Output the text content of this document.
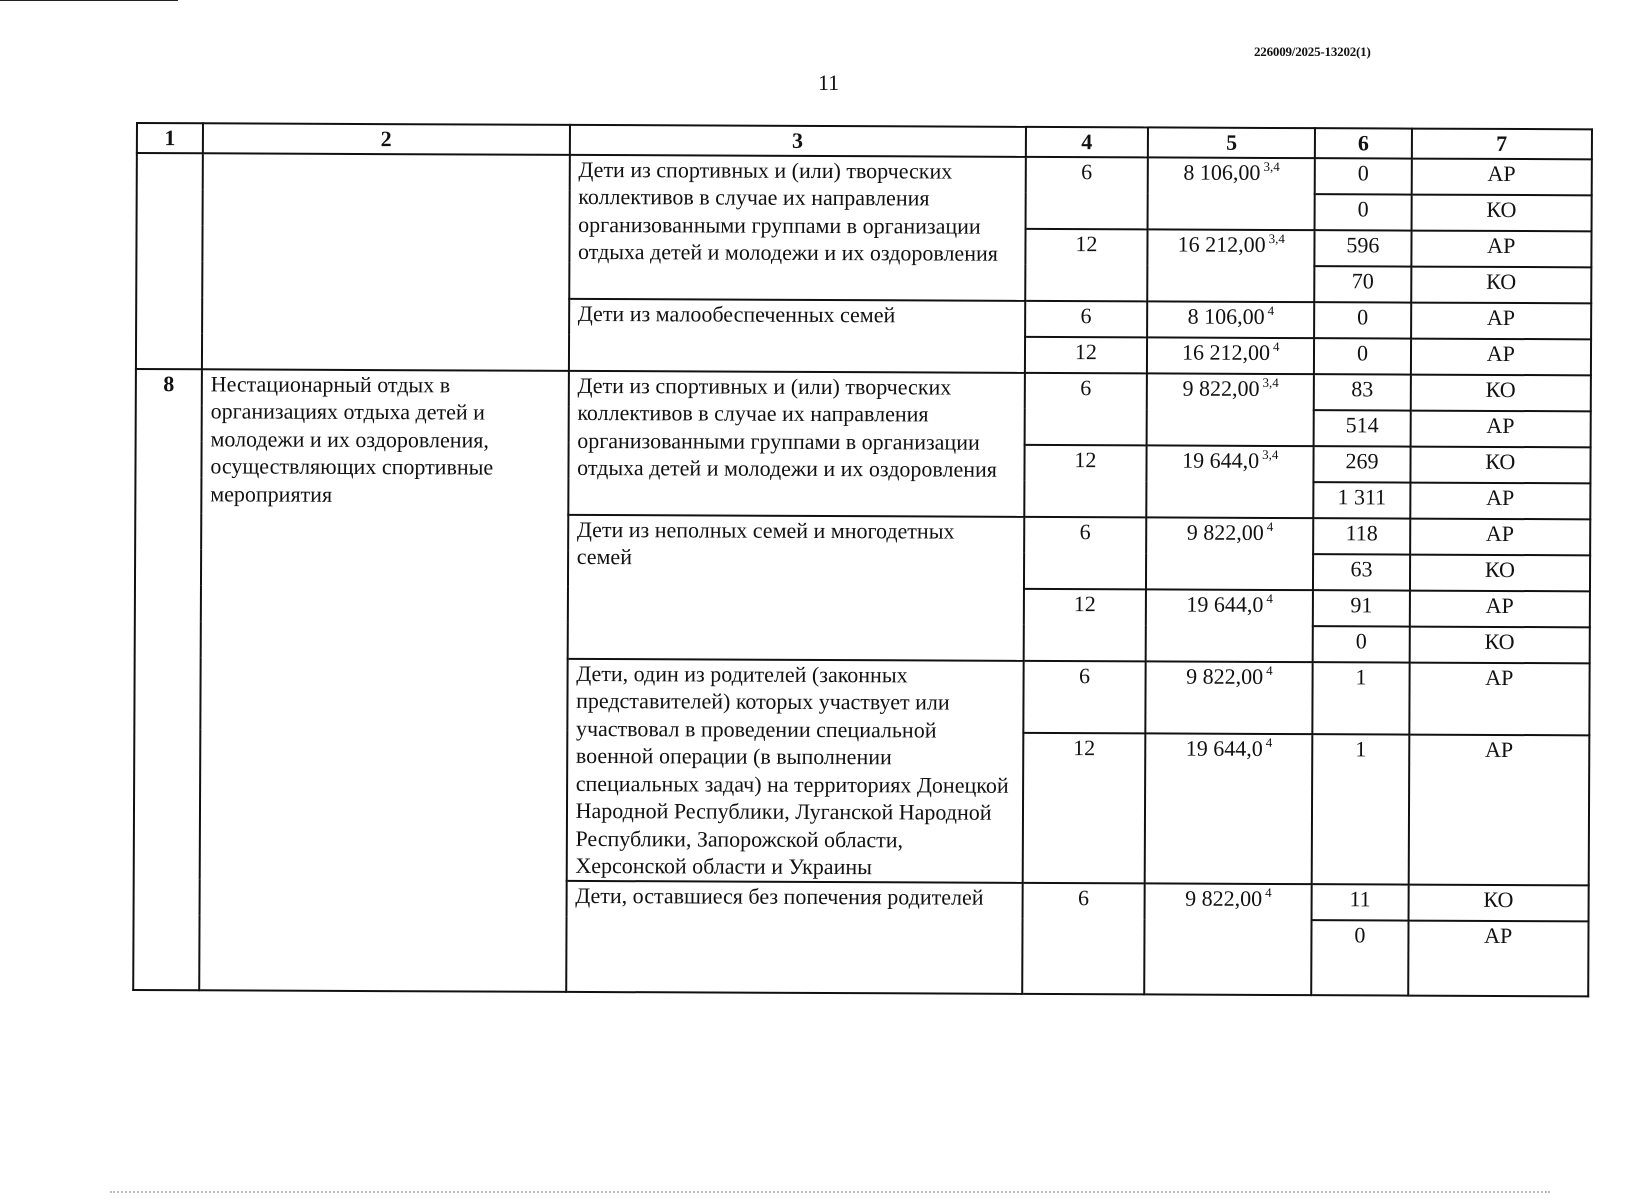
226009/2025-13202(1)
11
1	2	3	4	5	6	7
		Дети из спортивных и (или) творческих коллективов в случае их направления организованными группами в организации отдыха детей и молодежи и их оздоровления	6	8 106,00 $^{3,4}$	0	АР
					0	КО
			12	16 212,00 $^{3,4}$	596	АР
					70	КО
		Дети из малообеспеченных семей	6	8 106,00 $^4$	0	АР
			12	16 212,00 $^4$	0	АР
8	Нестационарный отдых в организациях отдыха детей и молодежи и их оздоровления, осуществляющих спортивные мероприятия	Дети из спортивных и (или) творческих коллективов в случае их направления организованными группами в организации отдыха детей и молодежи и их оздоровления	6	9 822,00 $^{3,4}$	83	КО
					514	АР
			12	19 644,0 $^{3,4}$	269	КО
					1 311	АР
		Дети из неполных семей и многодетных семей	6	9 822,00 $^4$	118	АР
					63	КО
			12	19 644,0 $^4$	91	АР
					0	КО
		Дети, один из родителей (законных представителей) которых участвует или участвовал в проведении специальной военной операции (в выполнении специальных задач) на территориях Донецкой Народной Республики, Луганской Народной Республики, Запорожской области, Херсонской области и Украины	6	9 822,00 $^4$	1	АР
			12	19 644,0 $^4$	1	АР
		Дети, оставшиеся без попечения родителей	6	9 822,00 $^4$	11	КО
					0	АР
